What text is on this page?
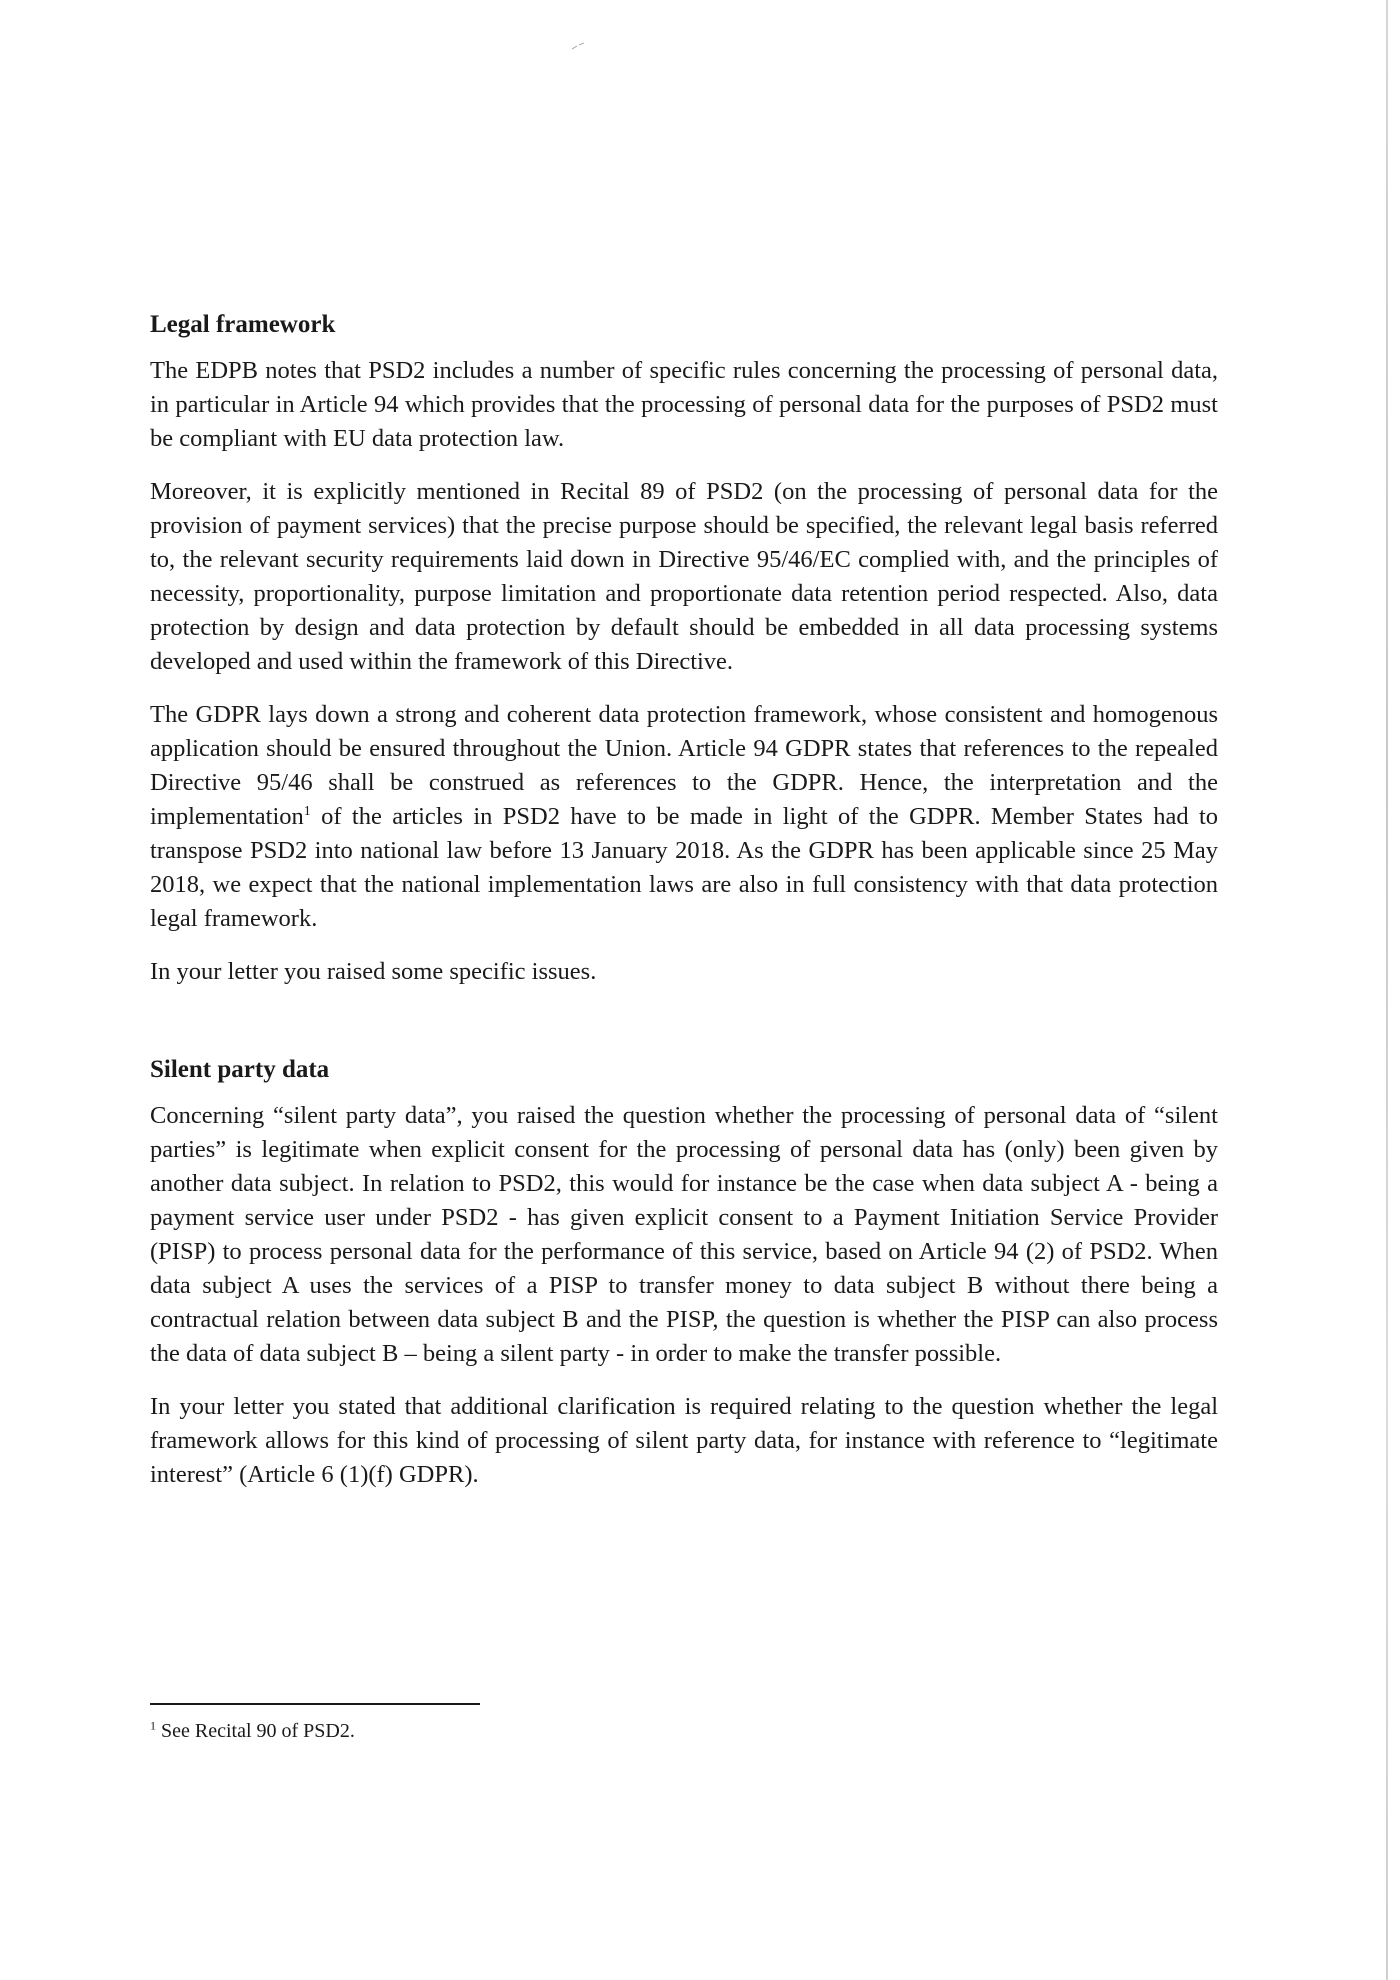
Legal framework

The EDPB notes that PSD2 includes a number of specific rules concerning the processing of personal data, in particular in Article 94 which provides that the processing of personal data for the purposes of PSD2 must be compliant with EU data protection law.

Moreover, it is explicitly mentioned in Recital 89 of PSD2 (on the processing of personal data for the provision of payment services) that the precise purpose should be specified, the relevant legal basis referred to, the relevant security requirements laid down in Directive 95/46/EC complied with, and the principles of necessity, proportionality, purpose limitation and proportionate data retention period respected. Also, data protection by design and data protection by default should be embedded in all data processing systems developed and used within the framework of this Directive.

The GDPR lays down a strong and coherent data protection framework, whose consistent and homogenous application should be ensured throughout the Union. Article 94 GDPR states that references to the repealed Directive 95/46 shall be construed as references to the GDPR. Hence, the interpretation and the implementation$^1$ of the articles in PSD2 have to be made in light of the GDPR. Member States had to transpose PSD2 into national law before 13 January 2018. As the GDPR has been applicable since 25 May 2018, we expect that the national implementation laws are also in full consistency with that data protection legal framework.

In your letter you raised some specific issues.

Silent party data

Concerning “silent party data”, you raised the question whether the processing of personal data of “silent parties” is legitimate when explicit consent for the processing of personal data has (only) been given by another data subject. In relation to PSD2, this would for instance be the case when data subject A - being a payment service user under PSD2 - has given explicit consent to a Payment Initiation Service Provider (PISP) to process personal data for the performance of this service, based on Article 94 (2) of PSD2. When data subject A uses the services of a PISP to transfer money to data subject B without there being a contractual relation between data subject B and the PISP, the question is whether the PISP can also process the data of data subject B – being a silent party - in order to make the transfer possible.

In your letter you stated that additional clarification is required relating to the question whether the legal framework allows for this kind of processing of silent party data, for instance with reference to “legitimate interest” (Article 6 (1)(f) GDPR).

$^1$ See Recital 90 of PSD2.
